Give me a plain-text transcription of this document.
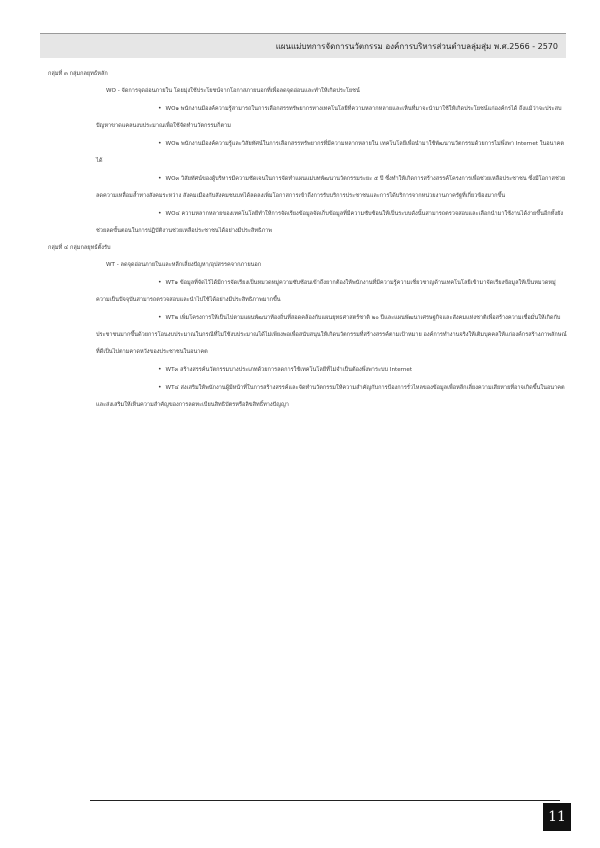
แผนแม่บทการจัดการนวัตกรรม องค์การบริหารส่วนตำบลลุ่มสุ่ม พ.ศ.2566 - 2570
กลุ่มที่ ๓ กลุ่มกลยุทธ์หลัก
WO - จัดการจุดอ่อนภายใน โดยมุ่งใช้ประโยชน์จากโอกาสภายนอกที่เพื่อลดจุดอ่อนและทำให้เกิดประโยชน์
• WO๑ พนักงานมีองค์ความรู้สามารถในการเลือกสรรทรัพยากรทางเทคโนโลยีที่ความหลากหลายและเห็นที่มาจะนำมาใช้ให้เกิดประโยชน์แก่องค์กรได้ ถึงแม้ว่าจะประสบปัญหาขาดแคลนงบประมาณเพื่อใช้จัดทำนวัตกรรมก็ตาม
• WO๒ พนักงานมีองค์ความรู้และวิสัยทัศน์ในการเลือกสรรทรัพยากรที่มีความหลากหลายใน เทคโนโลยีเพื่อนำมาใช้พัฒนานวัตกรรมด้วยการไม่พึ่งพา Internet ในอนาคตได้
• WO๓ วิสัยทัศน์ของผู้บริหารมีความชัดเจนในการจัดทำแผนแม่บทพัฒนานวัตกรรมระยะ ๕ ปี ซึ่งทำให้เกิดการสร้างสรรค์โครงการเพื่อช่วยเหลือประชาชน ซึ่งมีโอกาสช่วยลดความเหลื่อมล้ำทางสังคมระหว่าง สังคมเมืองกับสังคมชนบทได้ลดลงเพิ่มโอกาสการเข้าถึงการรับบริการประชาชนและการได้บริการจากหน่วยงานภาครัฐที่เกี่ยวข้องมากขึ้น
• WO๔ ความหลากหลายของเทคโนโลยีทำให้การจัดเรียงข้อมูลจัดเก็บข้อมูลที่มีความซับซ้อนให้เป็นระบบดังนั้นสามารถตรวจสอบและเลือกนำมาใช้งานได้ง่ายขึ้นอีกทั้งยังช่วยลดขั้นตอนในการปฏิบัติงานช่วยเหลือประชาชนได้อย่างมีประสิทธิภาพ
กลุ่มที่ ๔ กลุ่มกลยุทธ์ตั้งรับ
WT - ลดจุดอ่อนภายในและหลีกเลี่ยงปัญหา/อุปสรรคจากภายนอก
• WT๑ ข้อมูลที่จัดไว้ได้มีการจัดเรียงเป็นหมวดหมู่ความซับซ้อนเข้าถึงยากต้องให้พนักงานที่มีความรู้ความเชี่ยวชาญด้านเทคโนโลยีเข้ามาจัดเรียงข้อมูลให้เป็นหมวดหมู่ความเป็นปัจจุบันสามารถตรวจสอบและนำไปใช้ได้อย่างมีประสิทธิภาพมากขึ้น
• WT๒ เพิ่มโครงการให้เป็นไปตามแผนพัฒนาท้องถิ่นที่สอดคล้องกับแผนยุทธศาสตร์ชาติ ๒๐ ปีและแผนพัฒนาเศรษฐกิจและสังคมแห่งชาติเพื่อสร้างความเชื่อมั่นให้เกิดกับประชาชนมากขึ้นด้วยการโอนงบประมาณในกรณีที่ไม่ใช้งบประมาณได้ไม่เพียงพอเพื่อสนับสนุนให้เกิดนวัตกรรมที่สร้างสรรค์ตามเป้าหมาย องค์การทำงานจริงให้เติมบุคคลให้แก่องค์กรสร้างภาพลักษณ์ที่ดีเป็นไปตามคาดหวังของประชาชนในอนาคต
• WT๓ สร้างสรรค์นวัตกรรมบางประเภทด้วยการลดการใช้เทคโนโลยีที่ไม่จำเป็นต้องพึ่งพาระบบ Internet
• WT๔ ส่งเสริมให้พนักงานผู้มีหน้าที่ในการสร้างสรรค์และจัดทำนวัตกรรมให้ความสำคัญกับการป้องการรั่วไหลของข้อมูลเพื่อหลีกเลี่ยงความเสียหายที่อาจเกิดขึ้นในอนาคตและส่งเสริมให้เห็นความสำคัญของการลดทะเบียนสิทธิบัตรหรือลิขสิทธิ์ทางปัญญา
11
